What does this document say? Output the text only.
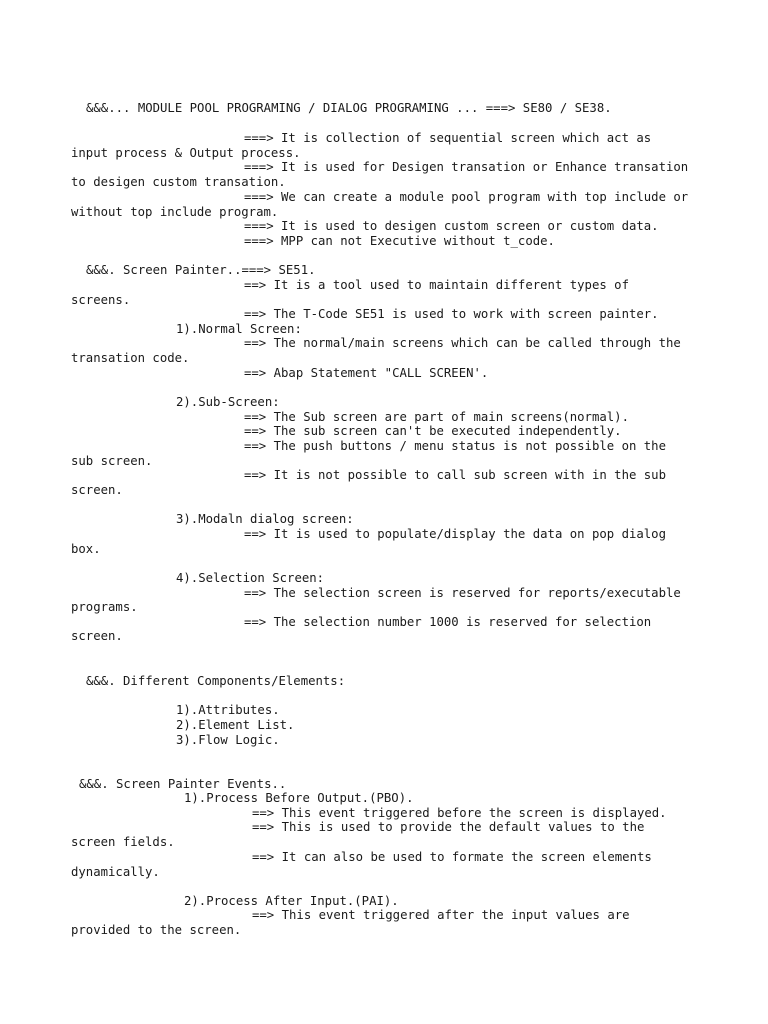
&&&... MODULE POOL PROGRAMING / DIALOG PROGRAMING ... ===> SE80 / SE38.
===> It is collection of sequential screen which act as
input process & Output process.
===> It is used for Desigen transation or Enhance transation
to desigen custom transation.
===> We can create a module pool program with top include or
without top include program.
===> It is used to desigen custom screen or custom data.
===> MPP can not Executive without t_code.
&&&. Screen Painter..===> SE51.
==> It is a tool used to maintain different types of
screens.
==> The T-Code SE51 is used to work with screen painter.
1).Normal Screen:
==> The normal/main screens which can be called through the
transation code.
==> Abap Statement "CALL SCREEN'.
2).Sub-Screen:
==> The Sub screen are part of main screens(normal).
==> The sub screen can't be executed independently.
==> The push buttons / menu status is not possible on the
sub screen.
==> It is not possible to call sub screen with in the sub
screen.
3).Modaln dialog screen:
==> It is used to populate/display the data on pop dialog
box.
4).Selection Screen:
==> The selection screen is reserved for reports/executable
programs.
==> The selection number 1000 is reserved for selection
screen.
&&&. Different Components/Elements:
1).Attributes.
2).Element List.
3).Flow Logic.
&&&. Screen Painter Events..
1).Process Before Output.(PBO).
==> This event triggered before the screen is displayed.
==> This is used to provide the default values to the
screen fields.
==> It can also be used to formate the screen elements
dynamically.
2).Process After Input.(PAI).
==> This event triggered after the input values are
provided to the screen.
